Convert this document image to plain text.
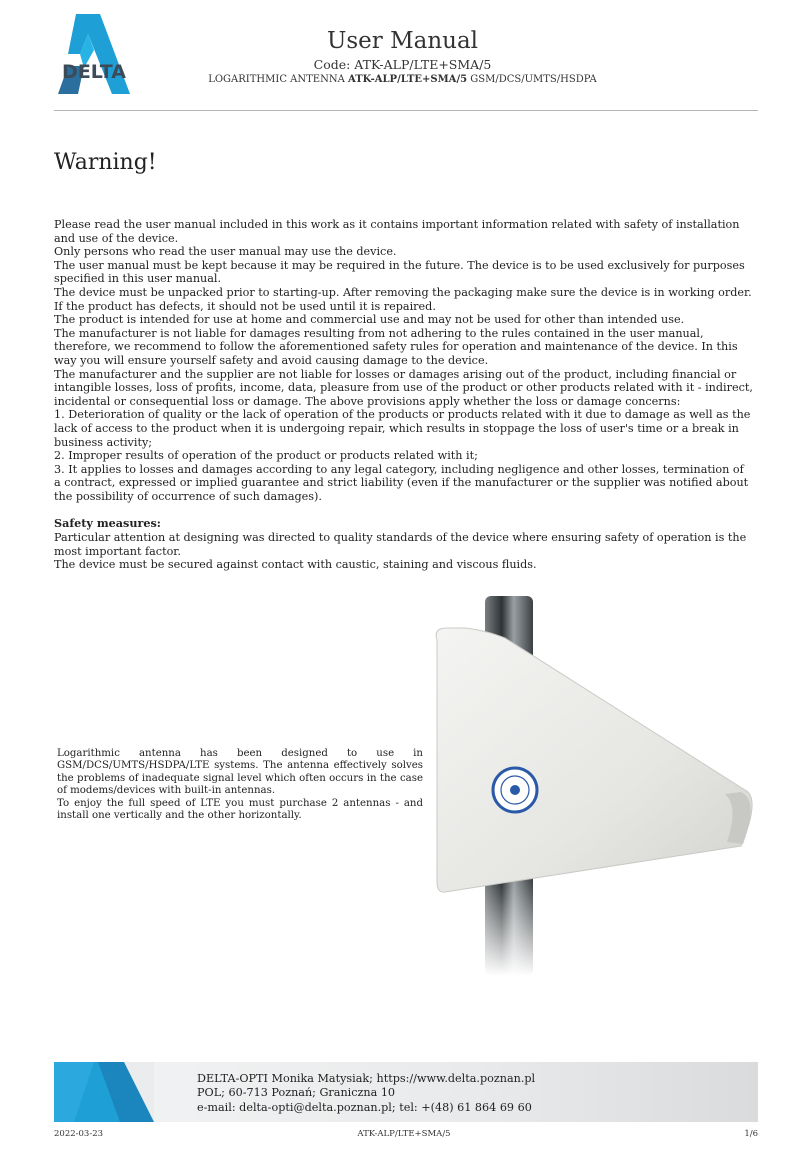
DELTA
User Manual
Code: ATK-ALP/LTE+SMA/5
LOGARITHMIC ANTENNA ATK-ALP/LTE+SMA/5 GSM/DCS/UMTS/HSDPA
Warning!

Please read the user manual included in this work as it contains important information related with safety of installation and use of the device.

Only persons who read the user manual may use the device.

The user manual must be kept because it may be required in the future. The device is to be used exclusively for purposes specified in this user manual.

The device must be unpacked prior to starting-up. After removing the packaging make sure the device is in working order.

If the product has defects, it should not be used until it is repaired.

The product is intended for use at home and commercial use and may not be used for other than intended use.

The manufacturer is not liable for damages resulting from not adhering to the rules contained in the user manual, therefore, we recommend to follow the aforementioned safety rules for operation and maintenance of the device. In this way you will ensure yourself safety and avoid causing damage to the device.

The manufacturer and the supplier are not liable for losses or damages arising out of the product, including financial or intangible losses, loss of profits, income, data, pleasure from use of the product or other products related with it - indirect, incidental or consequential loss or damage. The above provisions apply whether the loss or damage concerns:

1. Deterioration of quality or the lack of operation of the products or products related with it due to damage as well as the lack of access to the product when it is undergoing repair, which results in stoppage the loss of user's time or a break in business activity;

2. Improper results of operation of the product or products related with it;

3. It applies to losses and damages according to any legal category, including negligence and other losses, termination of a contract, expressed or implied guarantee and strict liability (even if the manufacturer or the supplier was notified about the possibility of occurrence of such damages).

Safety measures:

Particular attention at designing was directed to quality standards of the device where ensuring safety of operation is the most important factor.

The device must be secured against contact with caustic, staining and viscous fluids.

Logarithmic antenna has been designed to use in GSM/DCS/UMTS/HSDPA/LTE systems. The antenna effectively solves the problems of inadequate signal level which often occurs in the case of modems/devices with built-in antennas.

To enjoy the full speed of LTE you must purchase 2 antennas - and install one vertically and the other horizontally.

DELTA-OPTI Monika Matysiak; https://www.delta.poznan.pl
POL; 60-713 Poznań; Graniczna 10
e-mail: delta-opti@delta.poznan.pl; tel: +(48) 61 864 69 60
2022-03-23	ATK-ALP/LTE+SMA/5	1/6
